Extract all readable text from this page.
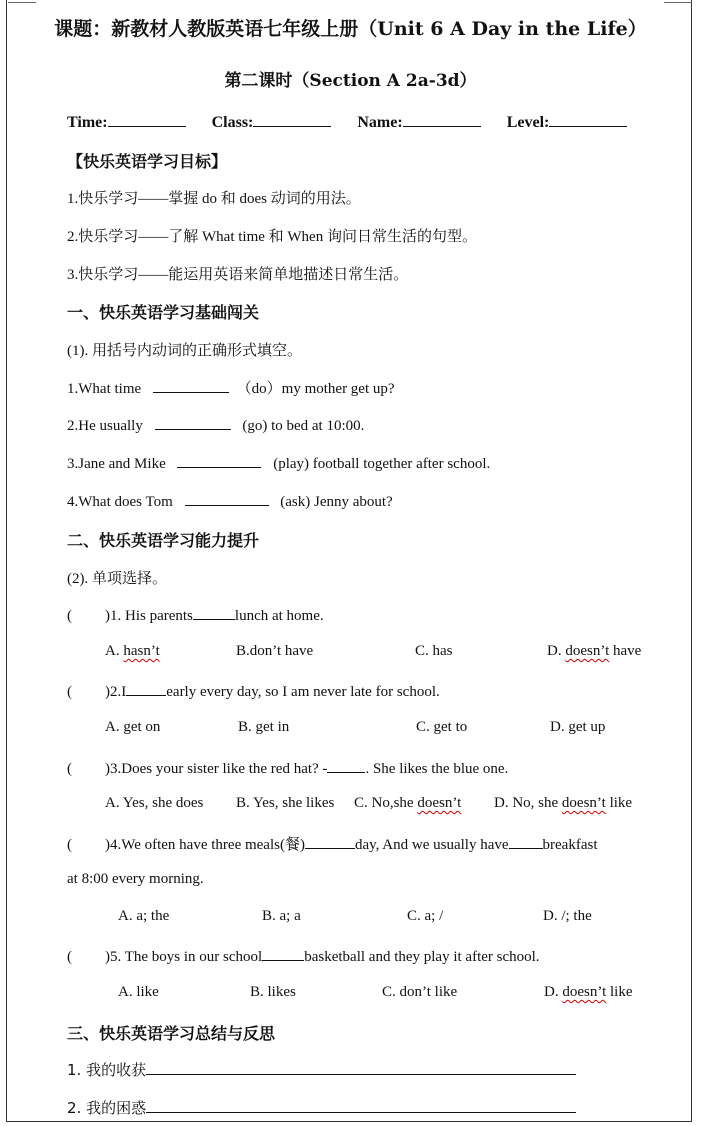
课题：新教材人教版英语七年级上册（Unit 6 A Day in the Life）
第二课时（Section A 2a-3d）
Time:	Class:	Name:	Level:
【快乐英语学习目标】
1.快乐学习——掌握 do 和 does 动词的用法。
2.快乐学习——了解 What time 和 When 询问日常生活的句型。
3.快乐学习——能运用英语来简单地描述日常生活。
一、快乐英语学习基础闯关
(1). 用括号内动词的正确形式填空。
1.What time	（do）my mother get up?
2.He usually	(go) to bed at 10:00.
3.Jane and Mike	(play) football together after school.
4.What does Tom	(ask) Jenny about?
二、快乐英语学习能力提升
(2). 单项选择。
( )1. His parents	lunch at home.
A. hasn’t	B.don’t have	C. has	D. doesn’t have
( )2.I	early every day, so I am never late for school.
A. get on	B. get in	C. get to	D. get up
( )3.Does your sister like the red hat? -	. She likes the blue one.
A. Yes, she does B. Yes, she likes C. No,she doesn’t D. No, she doesn’t like
( )4.We often have three meals(餐)	day, And we usually have breakfast
at 8:00 every morning.
A. a; the	B. a; a	C. a; /	D. /; the
( )5. The boys in our school	basketball and they play it after school.
A. like	B. likes	C. don’t like	D. doesn’t like
三、快乐英语学习总结与反思
1. 我的收获
2. 我的困惑
